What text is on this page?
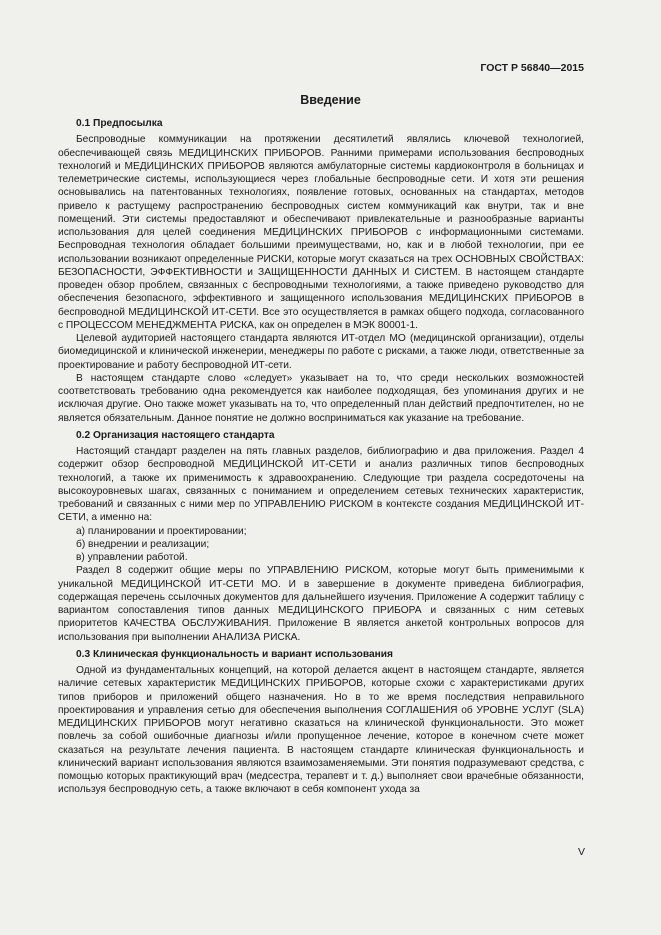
ГОСТ Р 56840—2015
Введение
0.1 Предпосылка

Беспроводные коммуникации на протяжении десятилетий являлись ключевой технологией, обеспечивающей связь МЕДИЦИНСКИХ ПРИБОРОВ. Ранними примерами использования беспроводных технологий и МЕДИЦИНСКИХ ПРИБОРОВ являются амбулаторные системы кардиоконтроля в больницах и телеметрические системы, использующиеся через глобальные беспроводные сети. И хотя эти решения основывались на патентованных технологиях, появление готовых, основанных на стандартах, методов привело к растущему распространению беспроводных систем коммуникаций как внутри, так и вне помещений. Эти системы предоставляют и обеспечивают привлекательные и разнообразные варианты использования для целей соединения МЕДИЦИНСКИХ ПРИБОРОВ с информационными системами. Беспроводная технология обладает большими преимуществами, но, как и в любой технологии, при ее использовании возникают определенные РИСКИ, которые могут сказаться на трех ОСНОВНЫХ СВОЙСТВАХ: БЕЗОПАСНОСТИ, ЭФФЕКТИВНОСТИ и ЗАЩИЩЕННОСТИ ДАННЫХ И СИСТЕМ. В настоящем стандарте проведен обзор проблем, связанных с беспроводными технологиями, а также приведено руководство для обеспечения безопасного, эффективного и защищенного использования МЕДИЦИНСКИХ ПРИБОРОВ в беспроводной МЕДИЦИНСКОЙ ИТ-СЕТИ. Все это осуществляется в рамках общего подхода, согласованного с ПРОЦЕССОМ МЕНЕДЖМЕНТА РИСКА, как он определен в МЭК 80001-1.

Целевой аудиторией настоящего стандарта являются ИТ-отдел МО (медицинской организации), отделы биомедицинской и клинической инженерии, менеджеры по работе с рисками, а также люди, ответственные за проектирование и работу беспроводной ИТ-сети.

В настоящем стандарте слово «следует» указывает на то, что среди нескольких возможностей соответствовать требованию одна рекомендуется как наиболее подходящая, без упоминания других и не исключая другие. Оно также может указывать на то, что определенный план действий предпочтителен, но не является обязательным. Данное понятие не должно восприниматься как указание на требование.

0.2 Организация настоящего стандарта

Настоящий стандарт разделен на пять главных разделов, библиографию и два приложения. Раздел 4 содержит обзор беспроводной МЕДИЦИНСКОЙ ИТ-СЕТИ и анализ различных типов беспроводных технологий, а также их применимость к здравоохранению. Следующие три раздела сосредоточены на высокоуровневых шагах, связанных с пониманием и определением сетевых технических характеристик, требований и связанных с ними мер по УПРАВЛЕНИЮ РИСКОМ в контексте создания МЕДИЦИНСКОЙ ИТ-СЕТИ, а именно на:

а) планировании и проектировании;

б) внедрении и реализации;

в) управлении работой.

Раздел 8 содержит общие меры по УПРАВЛЕНИЮ РИСКОМ, которые могут быть применимыми к уникальной МЕДИЦИНСКОЙ ИТ-СЕТИ МО. И в завершение в документе приведена библиография, содержащая перечень ссылочных документов для дальнейшего изучения. Приложение А содержит таблицу с вариантом сопоставления типов данных МЕДИЦИНСКОГО ПРИБОРА и связанных с ним сетевых приоритетов КАЧЕСТВА ОБСЛУЖИВАНИЯ. Приложение В является анкетой контрольных вопросов для использования при выполнении АНАЛИЗА РИСКА.

0.3 Клиническая функциональность и вариант использования

Одной из фундаментальных концепций, на которой делается акцент в настоящем стандарте, является наличие сетевых характеристик МЕДИЦИНСКИХ ПРИБОРОВ, которые схожи с характеристиками других типов приборов и приложений общего назначения. Но в то же время последствия неправильного проектирования и управления сетью для обеспечения выполнения СОГЛАШЕНИЯ об УРОВНЕ УСЛУГ (SLA) МЕДИЦИНСКИХ ПРИБОРОВ могут негативно сказаться на клинической функциональности. Это может повлечь за собой ошибочные диагнозы и/или пропущенное лечение, которое в конечном счете может сказаться на результате лечения пациента. В настоящем стандарте клиническая функциональность и клинический вариант использования являются взаимозаменяемыми. Эти понятия подразумевают средства, с помощью которых практикующий врач (медсестра, терапевт и т. д.) выполняет свои врачебные обязанности, используя беспроводную сеть, а также включают в себя компонент ухода за

V
